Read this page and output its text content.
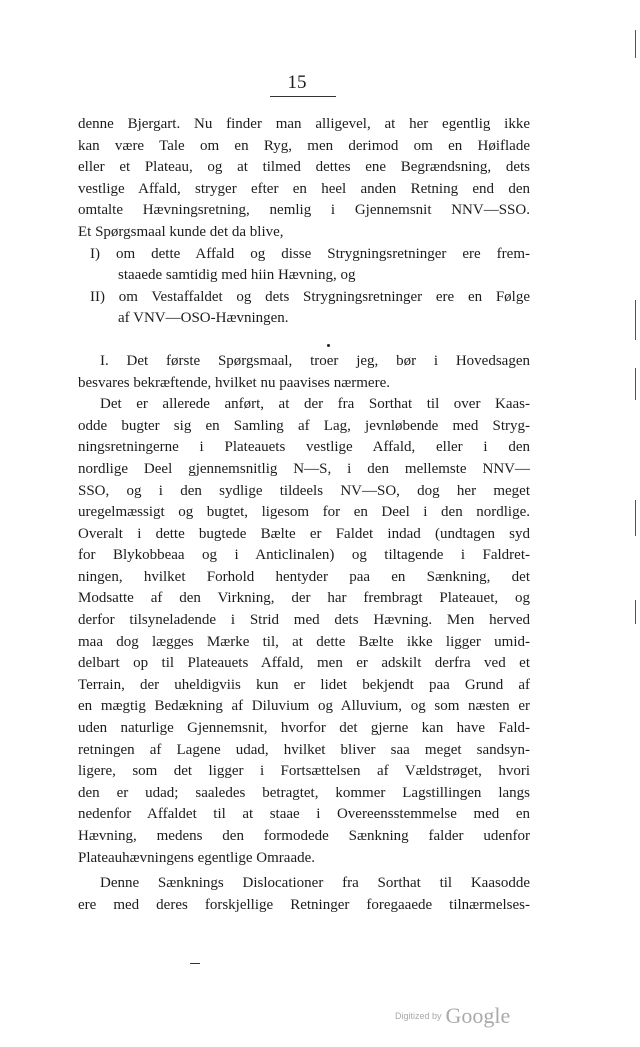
15
denne Bjergart. Nu finder man alligevel, at her egentlig ikke
kan være Tale om en Ryg, men derimod om en Høiflade
eller et Plateau, og at tilmed dettes ene Begrændsning, dets
vestlige Affald, stryger efter en heel anden Retning end den
omtalte Hævningsretning, nemlig i Gjennemsnit NNV—SSO.
Et Spørgsmaal kunde det da blive,
I) om dette Affald og disse Strygningsretninger ere frem-
staaede samtidig med hiin Hævning, og
II) om Vestaffaldet og dets Strygningsretninger ere en Følge
af VNV—OSO-Hævningen.
I. Det første Spørgsmaal, troer jeg, bør i Hovedsagen
besvares bekræftende, hvilket nu paavises nærmere.
Det er allerede anført, at der fra Sorthat til over Kaas-
odde bugter sig en Samling af Lag, jevnløbende med Stryg-
ningsretningerne i Plateauets vestlige Affald, eller i den
nordlige Deel gjennemsnitlig N—S, i den mellemste NNV—
SSO, og i den sydlige tildeels NV—SO, dog her meget
uregelmæssigt og bugtet, ligesom for en Deel i den nordlige.
Overalt i dette bugtede Bælte er Faldet indad (undtagen syd
for Blykobbeaa og i Anticlinalen) og tiltagende i Faldret-
ningen, hvilket Forhold hentyder paa en Sænkning, det
Modsatte af den Virkning, der har frembragt Plateauet, og
derfor tilsyneladende i Strid med dets Hævning. Men herved
maa dog lægges Mærke til, at dette Bælte ikke ligger umid-
delbart op til Plateauets Affald, men er adskilt derfra ved et
Terrain, der uheldigviis kun er lidet bekjendt paa Grund af
en mægtig Bedækning af Diluvium og Alluvium, og som næsten er
uden naturlige Gjennemsnit, hvorfor det gjerne kan have Fald-
retningen af Lagene udad, hvilket bliver saa meget sandsyn-
ligere, som det ligger i Fortsættelsen af Vældstrøget, hvori
den er udad; saaledes betragtet, kommer Lagstillingen langs
nedenfor Affaldet til at staae i Overeensstemmelse med en
Hævning, medens den formodede Sænkning falder udenfor
Plateauhævningens egentlige Omraade.
Denne Sænknings Dislocationer fra Sorthat til Kaasodde
ere med deres forskjellige Retninger foregaaede tilnærmelses-
Digitized by Google
